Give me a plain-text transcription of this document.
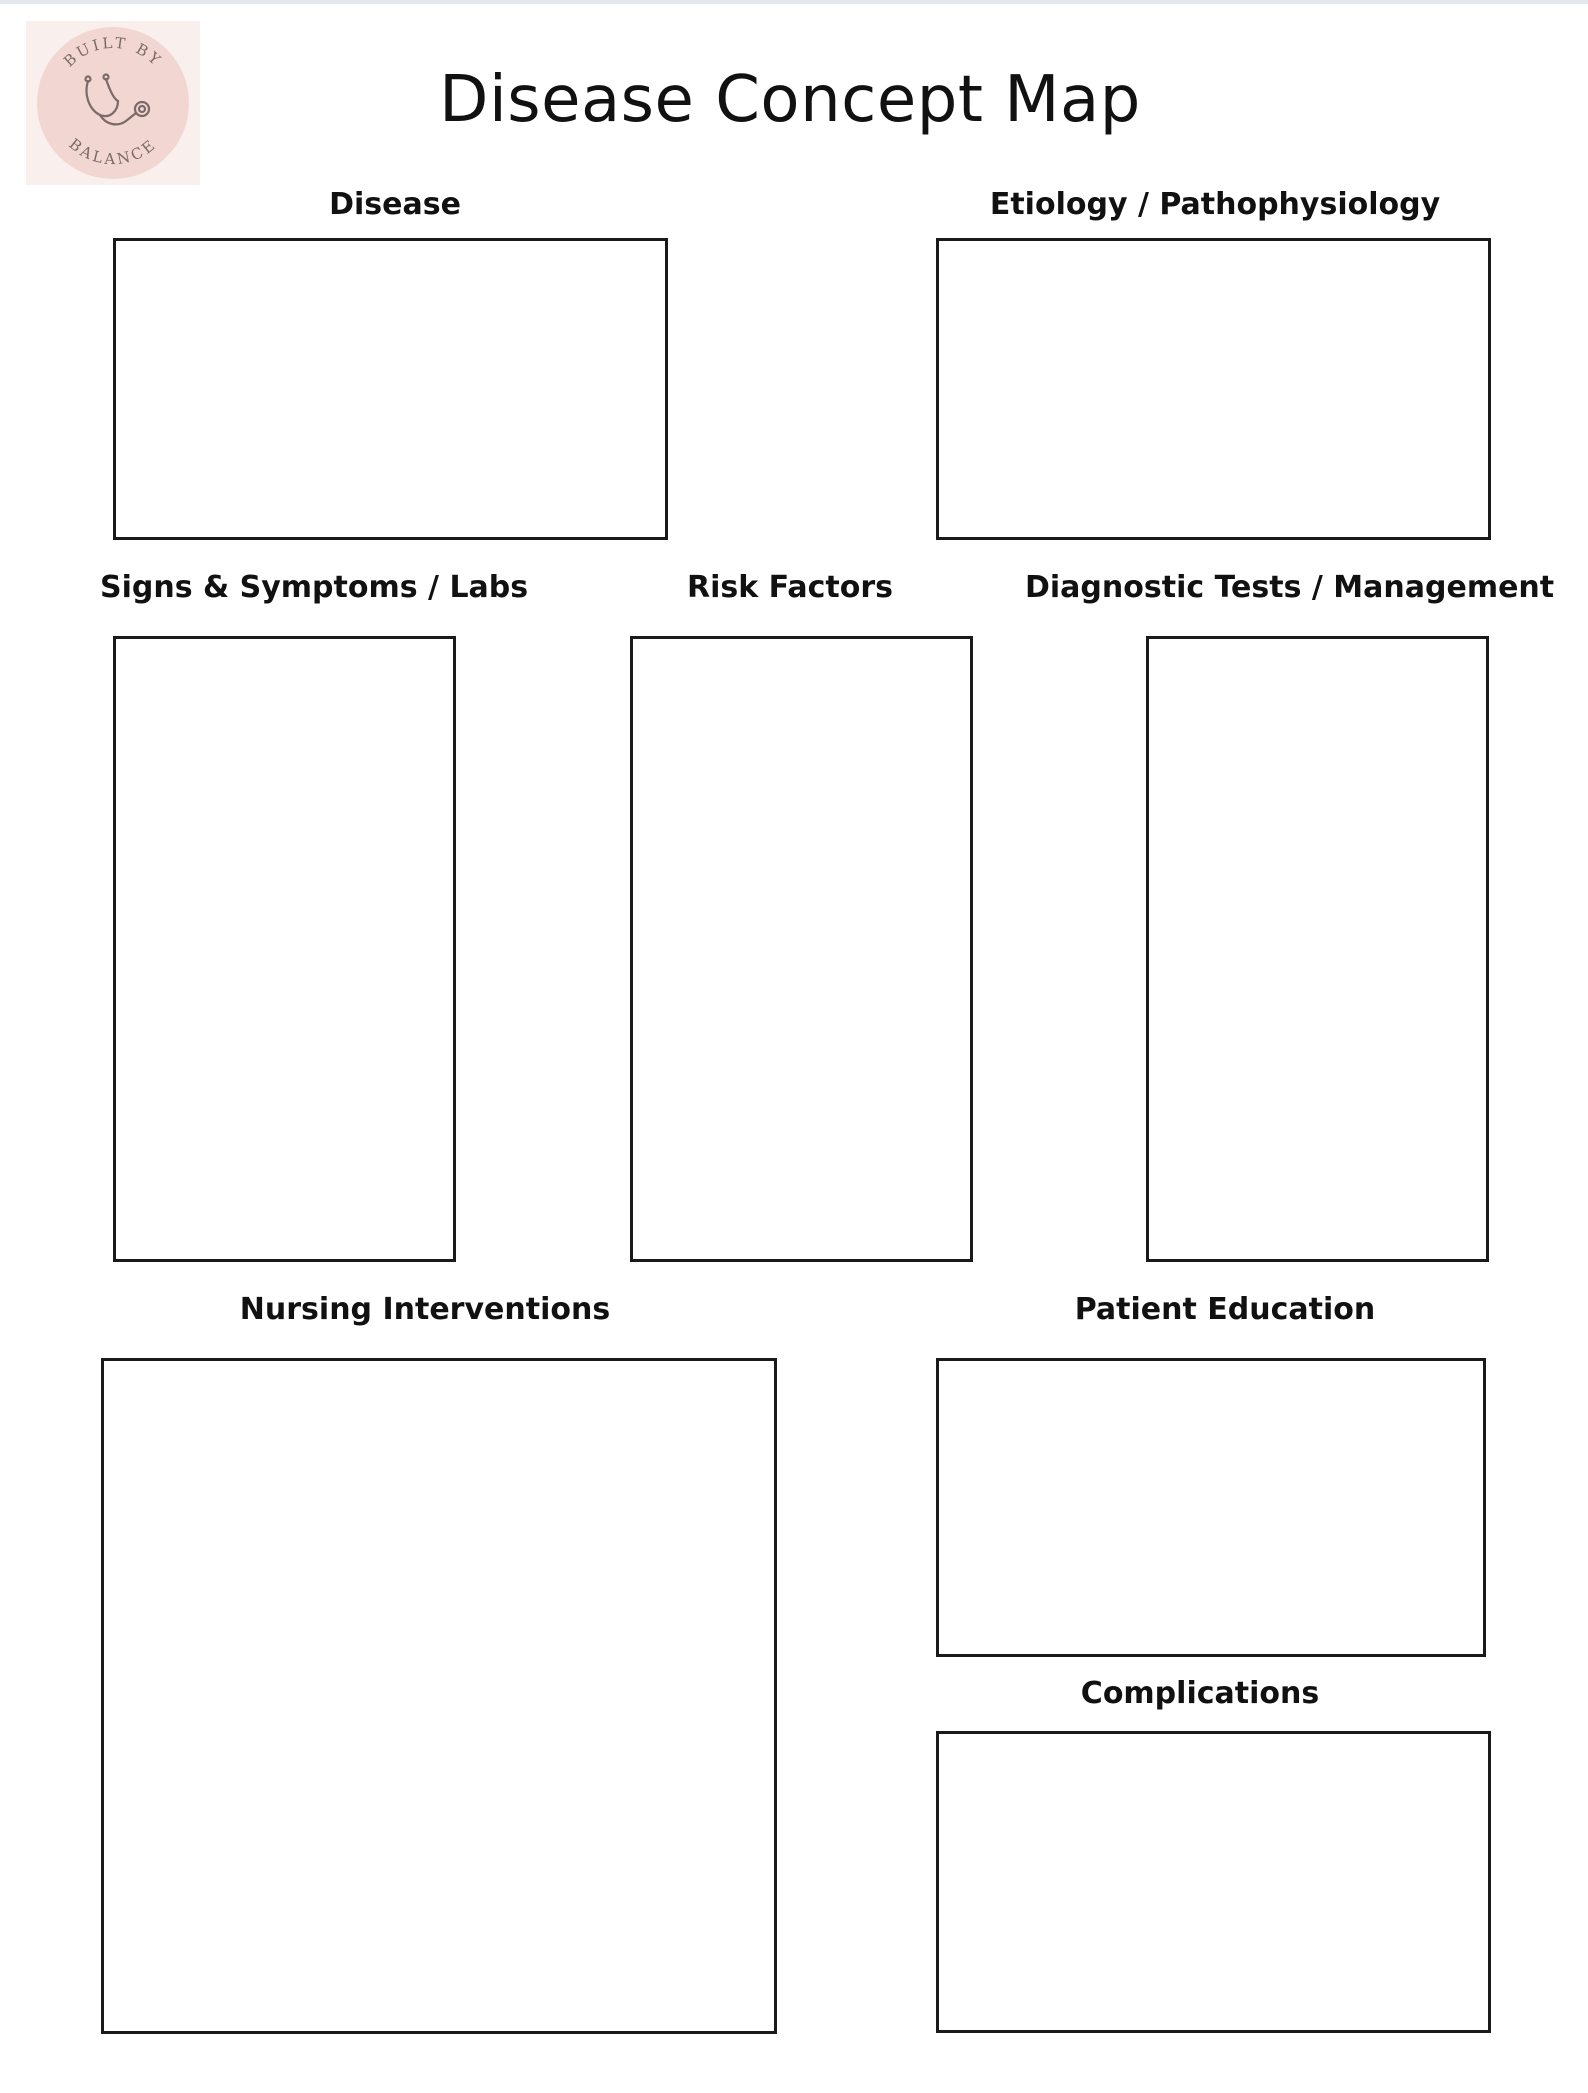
BUILT BY
BALANCE
Disease Concept Map
Disease	Etiology / Pathophysiology
Signs & Symptoms / Labs	Risk Factors	Diagnostic Tests / Management
Nursing Interventions	Patient Education
Complications
